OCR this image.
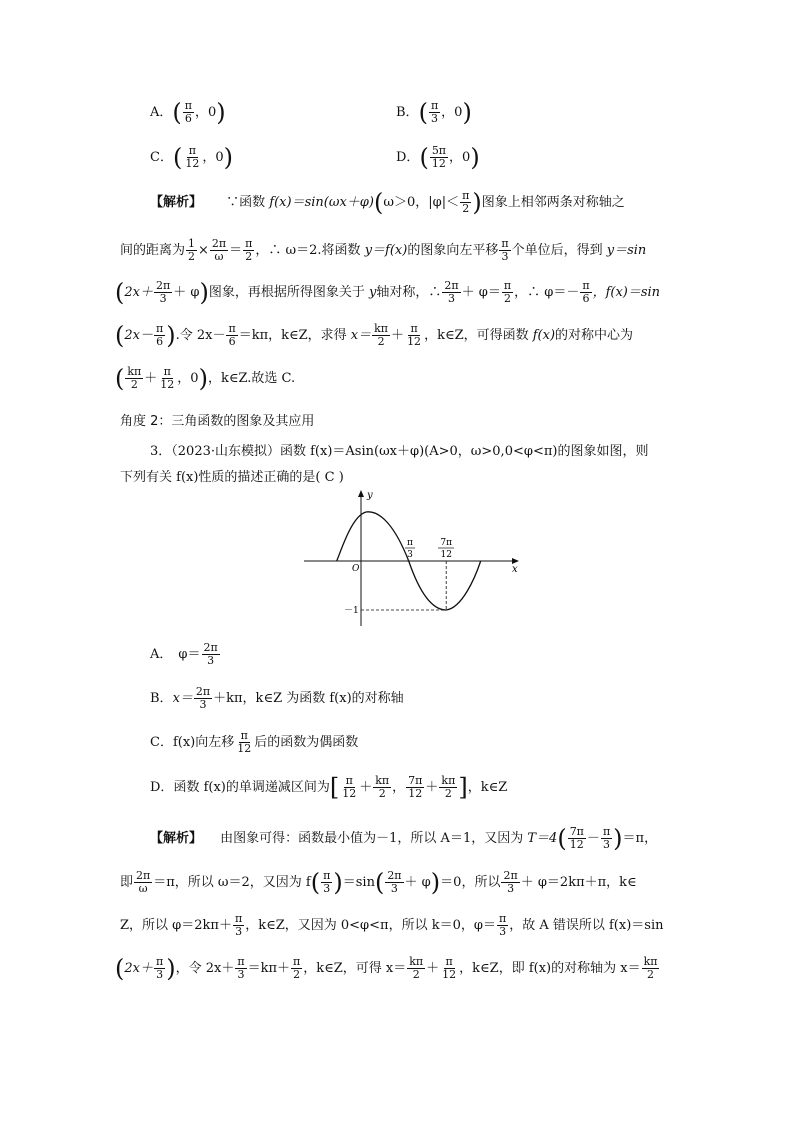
A．( $\frac{\pi}{6}$ ，0)	B．( $\frac{\pi}{3}$ ，0)
C．( $\frac{\pi}{12}$ ，0)	D．( $\frac{5\pi}{12}$ ，0)
【解析】 ∵函数 f(x)＝sin(ωx＋φ)(ω＞0，$|\varphi|< \frac{\pi}{2}$ )图象上相邻两条对称轴之
间的距离为 $\frac{1}{2} \times \frac{2\pi}{\omega} = \frac{\pi}{2}$ ，∴ ω＝2.将函数 y＝f(x)的图象向左平移 $\frac{\pi}{3}$ 个单位后，得到 y＝sin
$(2x+ \frac{2\pi}{3} + \varphi)$图象，再根据所得图象关于 y轴对称，∴ $\frac{2\pi}{3} + \varphi= \frac{\pi}{2}$ ，∴ $\varphi=- \frac{\pi}{6}$ ，f(x)＝sin
($2x- \frac{\pi}{6}$ ).令 $2x- \frac{\pi}{6} =k\pi$，k∈Z，求得 $x= \frac{k\pi}{2} + \frac{\pi}{12}$ ，k∈Z，可得函数 f(x)的对称中心为
( $\frac{k\pi}{2} + \frac{\pi}{12}$ ，0)，k∈Z.故选 C.
角度 2：三角函数的图象及其应用
3．（2023·山东模拟）函数 f(x)＝Asin(ωx＋φ)(A>0，ω>0,0<φ<π)的图象如图，则
下列有关 f(x)性质的描述正确的是( C )
y
x
O
π
3
7π
12
－1
A． $\varphi= \frac{2\pi}{3}$
B．$x= \frac{2\pi}{3} +k\pi$，k∈Z 为函数 f(x)的对称轴
C．f(x)向左移 $\frac{\pi}{12}$ 后的函数为偶函数
D．函数 f(x)的单调递减区间为[ $\frac{\pi}{12} + \frac{k\pi}{2}$ ， $\frac{7\pi}{12} + \frac{k\pi}{2}$ ]，k∈Z
【解析】 由图象可得：函数最小值为－1，所以 A＝1，又因为 $T=4( \frac{7\pi}{12} - \frac{\pi}{3} )=\pi$，
即 $\frac{2\pi}{\omega} =\pi$，所以 ω＝2，又因为 $f( \frac{\pi}{3} )=\sin( \frac{2\pi}{3} + \varphi)=0$，所以 $\frac{2\pi}{3} + \varphi=2k\pi+\pi$，k∈
Z，所以 $\varphi=2k\pi+ \frac{\pi}{3}$ ，k∈Z，又因为 0<φ<π，所以 k＝0，$\varphi= \frac{\pi}{3}$ ，故 A 错误所以 f(x)＝sin
($2x+ \frac{\pi}{3}$ )，令 $2x+ \frac{\pi}{3} =k\pi+ \frac{\pi}{2}$ ，k∈Z，可得 $x= \frac{k\pi}{2} + \frac{\pi}{12}$ ，k∈Z，即 f(x)的对称轴为 $x= \frac{k\pi}{2}$
